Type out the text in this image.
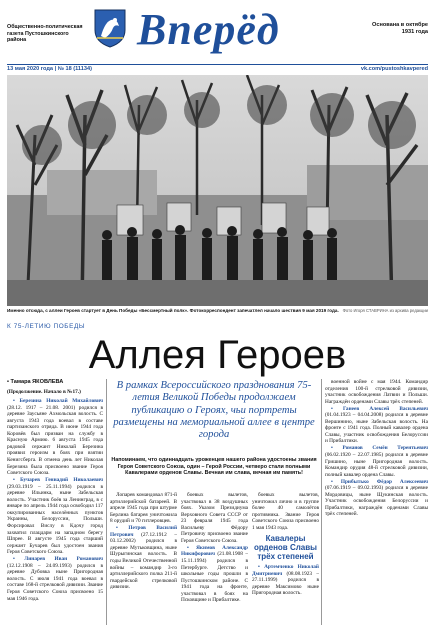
Общественно-политическая газета Пустошкинского района	Вперёд	Основана в октябре 1931 года
13 мая 2020 года | № 18 (11134)	vk.com/pustoshkavpered
Именно отсюда, с аллеи Героев стартует в День Победы «Бессмертный полк». Фотокорреспондент запечатлел начало шествия 9 мая 2019 года. Фото Игоря СТАВРИНА из архива редакции
К 75-ЛЕТИЮ ПОБЕДЫ
Аллея Героев
• Тамара ЯКОВЛЕВА
(Продолжение. Начало в №17.)

• Березина Николай Михайлович (28.12. 1917 – 21.08. 2001) родился в деревне Заусьяне Ахмольская волость. С августа 1943 года воевал в составе партизанского отряда. В июне 1944 года Коровёв был призван на службу в Красную Армию. 6 августа 1945 года рядовой сержант Николай Березина проявил героизм в боях при взятии Кенигсберга. В отмена день лет Николая Березина была присвоено звание Героя Советского Союза.

• Бучарев Геннадий Николаевич (29.03.1919 – 25.11.1994) родился в деревне Ильинка, ныне Забельская волость. Участник боёв за Ленинград, в с январе по апрель 1944 года освободил 117 оккупированных населённых пунктов Украины, Белоруссии, Польши. Форсировал Вислу в Кдочу город захватил плацдарм на западном берегу Шпрее. В августе 1945 года старший сержант Бучарев был удостоен звания Героя Советского Союза.

• Линарев Иван Романович (12.12.1908 – 24.09.1993) родился в деревне Дубовка ныне Пригородная волость. С июля 1941 года воевал в составе 168-й стрелковой дивизии. Звание Героя Советского Союза присвоено 15 мая 1946 года.

В рамках Всероссийского празднования 75-летия Великой Победы продолжаем публикацию о Героях, чьи портреты размещены на мемориальной аллее в центре города
Напоминаем, что одиннадцать уроженцев нашего района удостоены звания Героя Советского Союза, один – Герой России, четверо стали полными Кавалерами орденов Славы. Вечная им слава, вечная им память!

Лопарев командовал 871-й артиллерийской батареей. В апреле 1945 года при штурме Берлина батарея уничтожила 8 орудий и 70 гитлеровцев.

• Петров Василий Петрович (27.12.1912 – 03.12.2002) родился в деревне Мутьковщина, ныне Шурыгинская волость. В годы Великой Отечественной войны – командир 3-го артиллерийского полка 211-й гвардейской стрелковой дивизии.

боевых вылетов, участвовал в 38 воздушных боях. Указом Президиума Верховного Совета СССР от 23 февраля 1945 года Васильеву Фёдору Петровичу присвоено звание Героя Советского Союза.

• Якимов Александр Никифорович (21.08.1908 – 15.11.1994) родился в Петербурге. Детство и школьные годы прошли в Пустошкинском районе. С 1941 года на фронте, участвовал в боях на Псковщине и Прибалтике.

боевых вылетов, уничтожил лично и в группе более 40 самолётов противника. Звание Героя Советского Союза присвоено 1 мая 1943 года.

Кавалеры орденов Славы трёх степеней

• Артемченко Николай Дмитриевич (08.08.1923 – 27.11.1999) родился в деревне Максимово ныне Пригородная волость.

военной войне с мая 1944. Командир отделения 100-й стрелковой дивизии, участник освобождения Латвии и Польши. Награждён орденами Славы трёх степеней.

• Ганеев Алексей Васильевич (01.04.1923 – 04.04.2008) родился в деревне Вершинино, ныне Забельская волость. На фронте с 1941 года. Полный кавалер ордена Славы, участник освобождения Белоруссии и Прибалтики.

• Романов Семён Терентьевич (06.02.1920 – 22.07.1985) родился в деревне Гришино, ныне Пригородная волость. Командир орудия 48-й стрелковой дивизии, полный кавалер ордена Славы.

• Прибытько Фёдор Алексеевич (07.06.1919 – 09.02.1993) родился в деревне Мордовицы, ныне Щукинская волость. Участник освобождения Белоруссии и Прибалтики, награждён орденами Славы трёх степеней.
